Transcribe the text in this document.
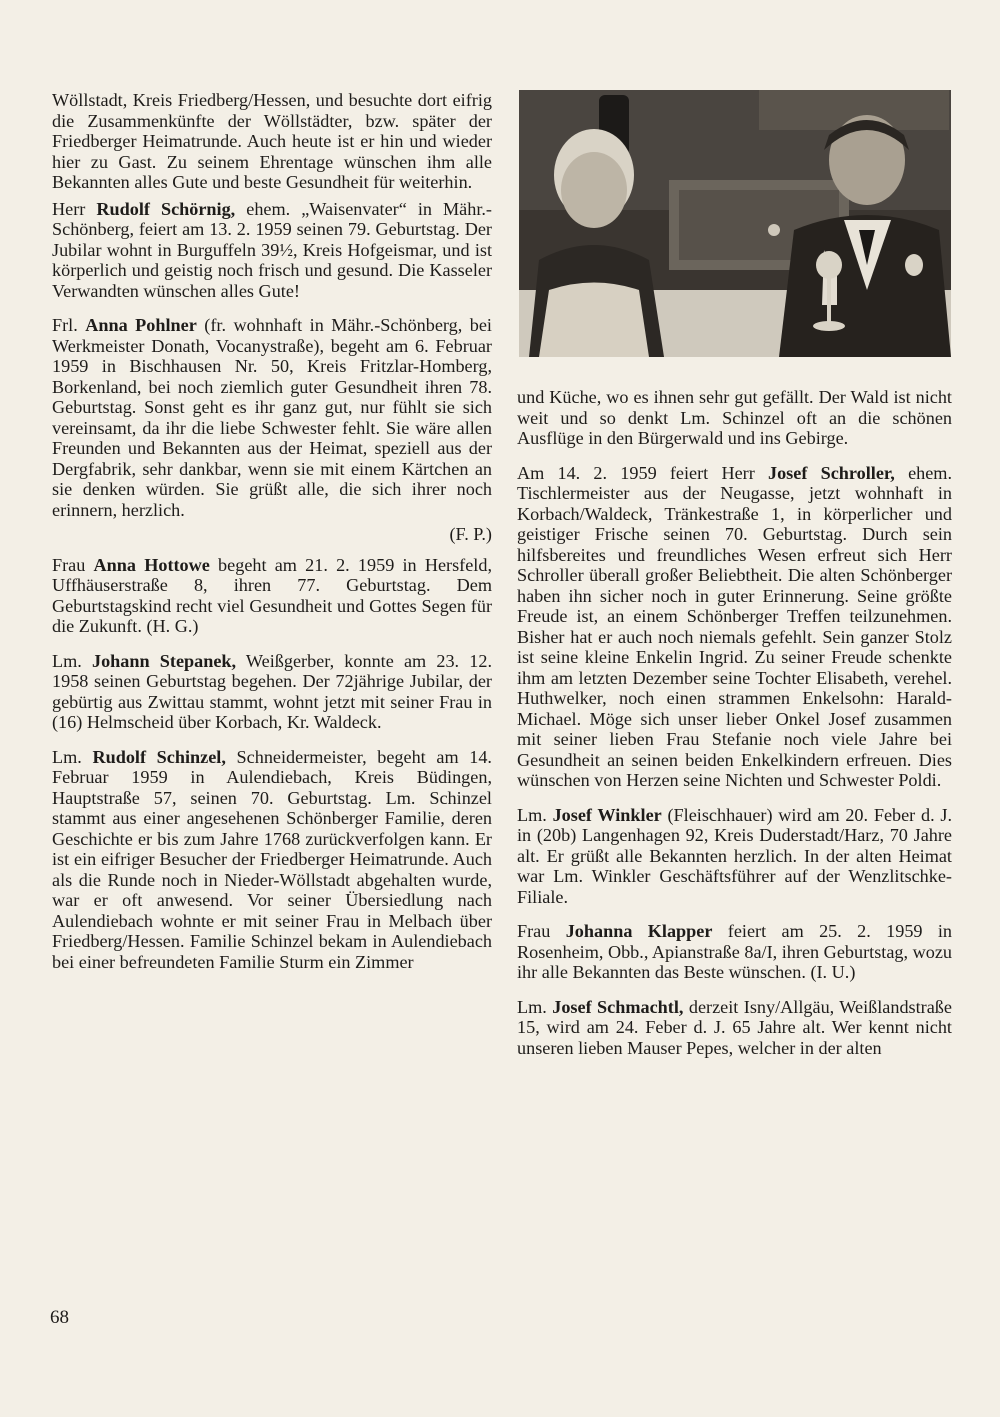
Wöllstadt, Kreis Friedberg/Hessen, und besuchte dort eifrig die Zusammenkünfte der Wöllstädter, bzw. später der Friedberger Heimatrunde. Auch heute ist er hin und wieder hier zu Gast. Zu seinem Ehrentage wünschen ihm alle Bekannten alles Gute und beste Gesundheit für weiterhin.

Herr Rudolf Schörnig, ehem. „Waisenvater“ in Mähr.-Schönberg, feiert am 13. 2. 1959 seinen 79. Geburtstag. Der Jubilar wohnt in Burguffeln 39½, Kreis Hofgeismar, und ist körperlich und geistig noch frisch und gesund. Die Kasseler Verwandten wünschen alles Gute!

Frl. Anna Pohlner (fr. wohnhaft in Mähr.-Schönberg, bei Werkmeister Donath, Vocanystraße), begeht am 6. Februar 1959 in Bischhausen Nr. 50, Kreis Fritzlar-Homberg, Borkenland, bei noch ziemlich guter Gesundheit ihren 78. Geburtstag. Sonst geht es ihr ganz gut, nur fühlt sie sich vereinsamt, da ihr die liebe Schwester fehlt. Sie wäre allen Freunden und Bekannten aus der Heimat, speziell aus der Dergfabrik, sehr dankbar, wenn sie mit einem Kärtchen an sie denken würden. Sie grüßt alle, die sich ihrer noch erinnern, herzlich.

(F. P.)

Frau Anna Hottowe begeht am 21. 2. 1959 in Hersfeld, Uffhäuserstraße 8, ihren 77. Geburtstag. Dem Geburtstagskind recht viel Gesundheit und Gottes Segen für die Zukunft. (H. G.)

Lm. Johann Stepanek, Weißgerber, konnte am 23. 12. 1958 seinen Geburtstag begehen. Der 72jährige Jubilar, der gebürtig aus Zwittau stammt, wohnt jetzt mit seiner Frau in (16) Helmscheid über Korbach, Kr. Waldeck.

Lm. Rudolf Schinzel, Schneidermeister, begeht am 14. Februar 1959 in Aulendiebach, Kreis Büdingen, Hauptstraße 57, seinen 70. Geburtstag. Lm. Schinzel stammt aus einer angesehenen Schönberger Familie, deren Geschichte er bis zum Jahre 1768 zurückverfolgen kann. Er ist ein eifriger Besucher der Friedberger Heimatrunde. Auch als die Runde noch in Nieder-Wöllstadt abgehalten wurde, war er oft anwesend. Vor seiner Übersiedlung nach Aulendiebach wohnte er mit seiner Frau in Melbach über Friedberg/Hessen. Familie Schinzel bekam in Aulendiebach bei einer befreundeten Familie Sturm ein Zimmer

und Küche, wo es ihnen sehr gut gefällt. Der Wald ist nicht weit und so denkt Lm. Schinzel oft an die schönen Ausflüge in den Bürgerwald und ins Gebirge.

Am 14. 2. 1959 feiert Herr Josef Schroller, ehem. Tischlermeister aus der Neugasse, jetzt wohnhaft in Korbach/Waldeck, Tränkestraße 1, in körperlicher und geistiger Frische seinen 70. Geburtstag. Durch sein hilfsbereites und freundliches Wesen erfreut sich Herr Schroller überall großer Beliebtheit. Die alten Schönberger haben ihn sicher noch in guter Erinnerung. Seine größte Freude ist, an einem Schönberger Treffen teilzunehmen. Bisher hat er auch noch niemals gefehlt. Sein ganzer Stolz ist seine kleine Enkelin Ingrid. Zu seiner Freude schenkte ihm am letzten Dezember seine Tochter Elisabeth, verehel. Huthwelker, noch einen strammen Enkelsohn: Harald-Michael. Möge sich unser lieber Onkel Josef zusammen mit seiner lieben Frau Stefanie noch viele Jahre bei Gesundheit an seinen beiden Enkelkindern erfreuen. Dies wünschen von Herzen seine Nichten und Schwester Poldi.

Lm. Josef Winkler (Fleischhauer) wird am 20. Feber d. J. in (20b) Langenhagen 92, Kreis Duderstadt/Harz, 70 Jahre alt. Er grüßt alle Bekannten herzlich. In der alten Heimat war Lm. Winkler Geschäftsführer auf der Wenzlitschke-Filiale.

Frau Johanna Klapper feiert am 25. 2. 1959 in Rosenheim, Obb., Apianstraße 8a/I, ihren Geburtstag, wozu ihr alle Bekannten das Beste wünschen. (I. U.)

Lm. Josef Schmachtl, derzeit Isny/Allgäu, Weißlandstraße 15, wird am 24. Feber d. J. 65 Jahre alt. Wer kennt nicht unseren lieben Mauser Pepes, welcher in der alten

68
